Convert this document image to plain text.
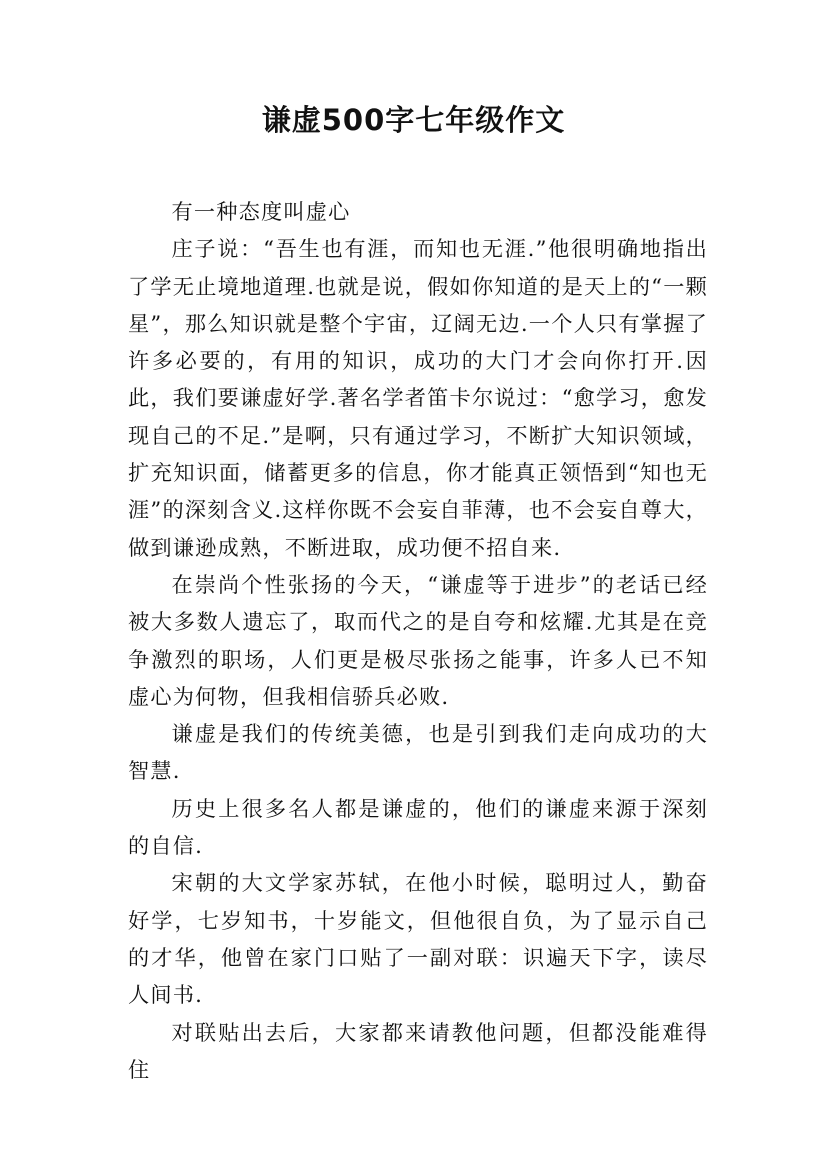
谦虚500字七年级作文

有一种态度叫虚心

庄子说：“吾生也有涯，而知也无涯.”他很明确地指出了学无止境地道理.也就是说，假如你知道的是天上的“一颗星”，那么知识就是整个宇宙，辽阔无边.一个人只有掌握了许多必要的，有用的知识，成功的大门才会向你打开.因此，我们要谦虚好学.著名学者笛卡尔说过：“愈学习，愈发现自己的不足.”是啊，只有通过学习，不断扩大知识领域，扩充知识面，储蓄更多的信息，你才能真正领悟到“知也无涯”的深刻含义.这样你既不会妄自菲薄，也不会妄自尊大，做到谦逊成熟，不断进取，成功便不招自来.

在崇尚个性张扬的今天，“谦虚等于进步”的老话已经被大多数人遗忘了，取而代之的是自夸和炫耀.尤其是在竞争激烈的职场，人们更是极尽张扬之能事，许多人已不知虚心为何物，但我相信骄兵必败.

谦虚是我们的传统美德，也是引到我们走向成功的大智慧.

历史上很多名人都是谦虚的，他们的谦虚来源于深刻的自信.

宋朝的大文学家苏轼，在他小时候，聪明过人，勤奋好学，七岁知书，十岁能文，但他很自负，为了显示自己的才华，他曾在家门口贴了一副对联：识遍天下字，读尽人间书.

对联贴出去后，大家都来请教他问题，但都没能难得住
